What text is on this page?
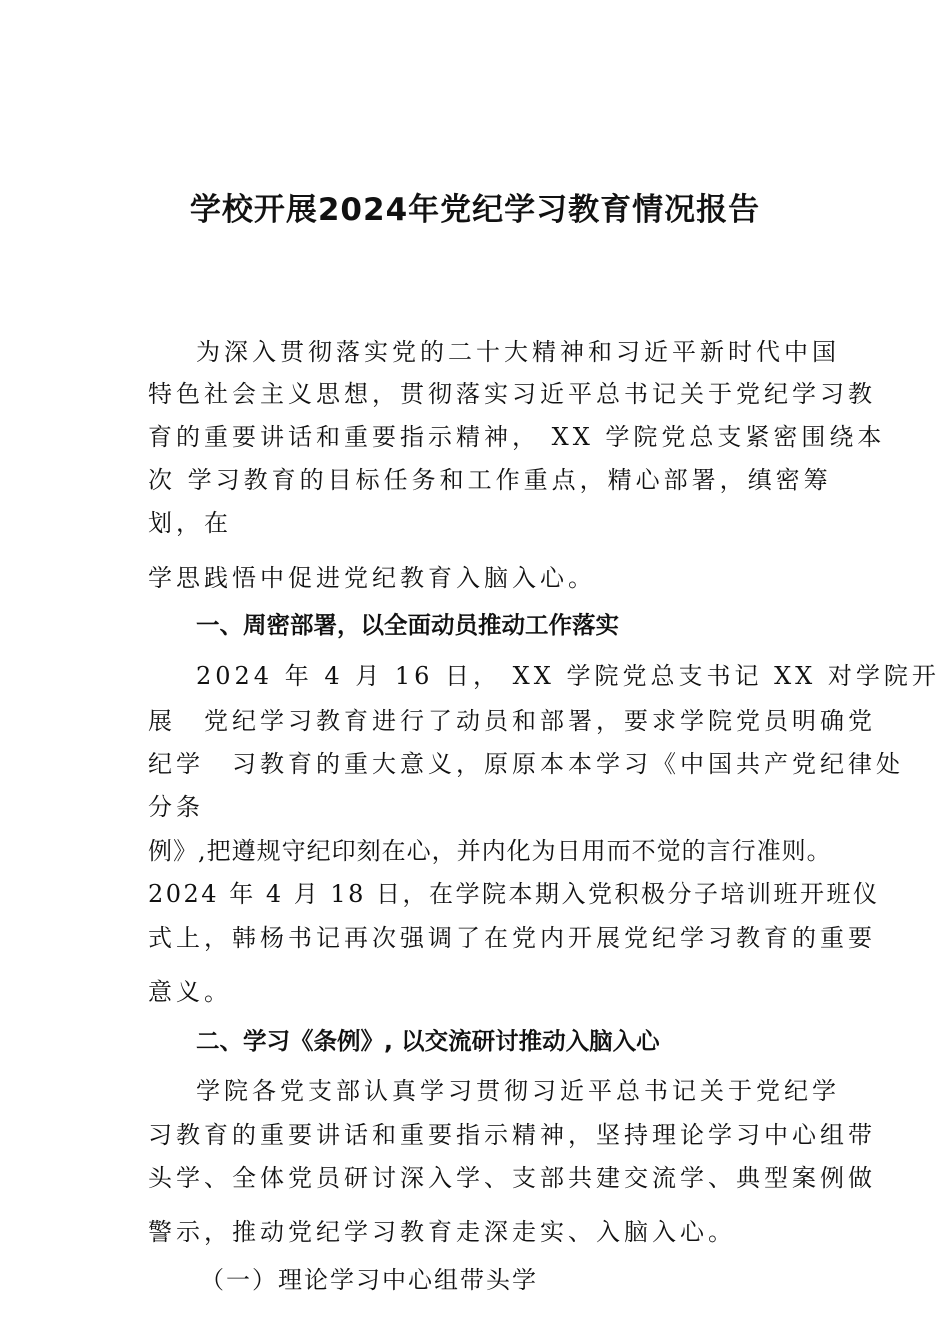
学校开展2024年党纪学习教育情况报告
为深入贯彻落实党的二十大精神和习近平新时代中国
特色社会主义思想，贯彻落实习近平总书记关于党纪学习教
育的重要讲话和重要指示精神， XX 学院党总支紧密围绕本
次 学习教育的目标任务和工作重点，精心部署，缜密筹
划，在
学思践悟中促进党纪教育入脑入心。
一、周密部署，以全面动员推动工作落实
2024 年 4 月 16 日， XX 学院党总支书记 XX 对学院开
展　党纪学习教育进行了动员和部署，要求学院党员明确党
纪学　习教育的重大意义，原原本本学习《中国共产党纪律处
分条
例》,把遵规守纪印刻在心，并内化为日用而不觉的言行准则。
2024 年 4 月 18 日，在学院本期入党积极分子培训班开班仪
式上，韩杨书记再次强调了在党内开展党纪学习教育的重要
意义。
二、学习《条例》, 以交流研讨推动入脑入心
学院各党支部认真学习贯彻习近平总书记关于党纪学
习教育的重要讲话和重要指示精神，坚持理论学习中心组带
头学、全体党员研讨深入学、支部共建交流学、典型案例做
警示，推动党纪学习教育走深走实、入脑入心。
（一）理论学习中心组带头学
